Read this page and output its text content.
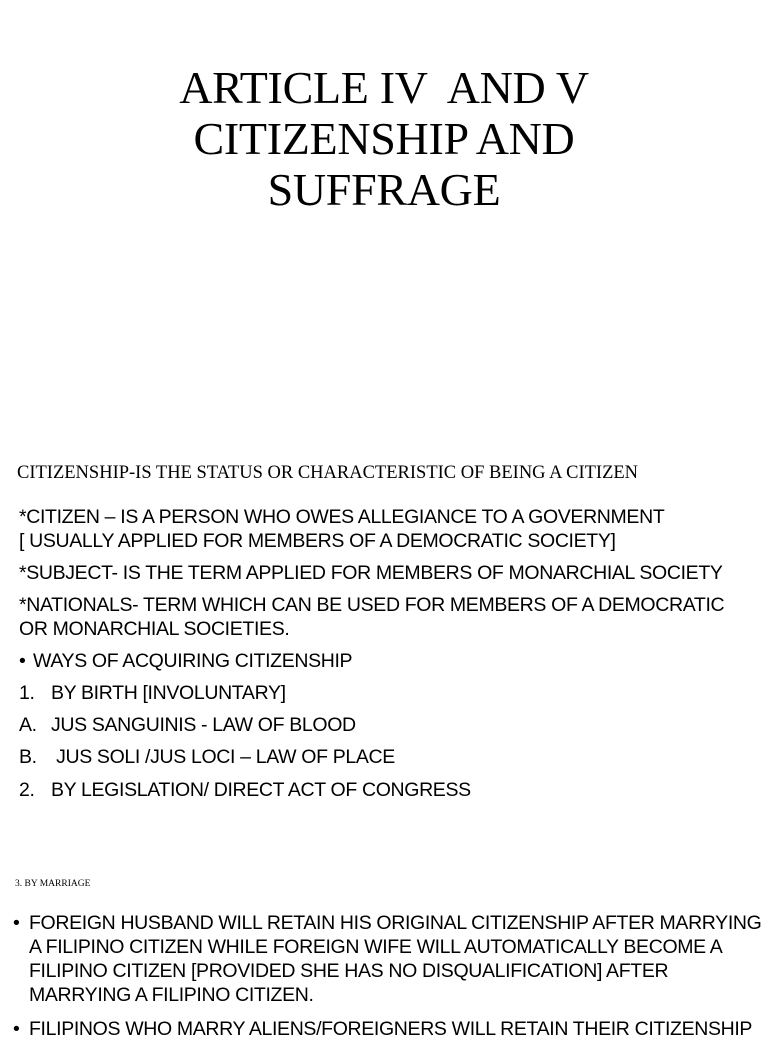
ARTICLE IV  AND V
CITIZENSHIP AND
SUFFRAGE
CITIZENSHIP-IS THE STATUS OR CHARACTERISTIC OF BEING A CITIZEN
*CITIZEN – IS A PERSON WHO OWES ALLEGIANCE TO A GOVERNMENT
[ USUALLY APPLIED FOR MEMBERS OF A DEMOCRATIC SOCIETY]
*SUBJECT- IS THE TERM APPLIED FOR MEMBERS OF MONARCHIAL SOCIETY
*NATIONALS- TERM WHICH CAN BE USED FOR MEMBERS OF A DEMOCRATIC
OR MONARCHIAL SOCIETIES.
• WAYS OF ACQUIRING CITIZENSHIP
1. BY BIRTH [INVOLUNTARY]
A. JUS SANGUINIS - LAW OF BLOOD
B. JUS SOLI /JUS LOCI – LAW OF PLACE
2. BY LEGISLATION/ DIRECT ACT OF CONGRESS
3. BY MARRIAGE
• FOREIGN HUSBAND WILL RETAIN HIS ORIGINAL CITIZENSHIP AFTER MARRYING
A FILIPINO CITIZEN WHILE FOREIGN WIFE WILL AUTOMATICALLY BECOME A
FILIPINO CITIZEN [PROVIDED SHE HAS NO DISQUALIFICATION] AFTER
MARRYING A FILIPINO CITIZEN.
• FILIPINOS WHO MARRY ALIENS/FOREIGNERS WILL RETAIN THEIR CITIZENSHIP
